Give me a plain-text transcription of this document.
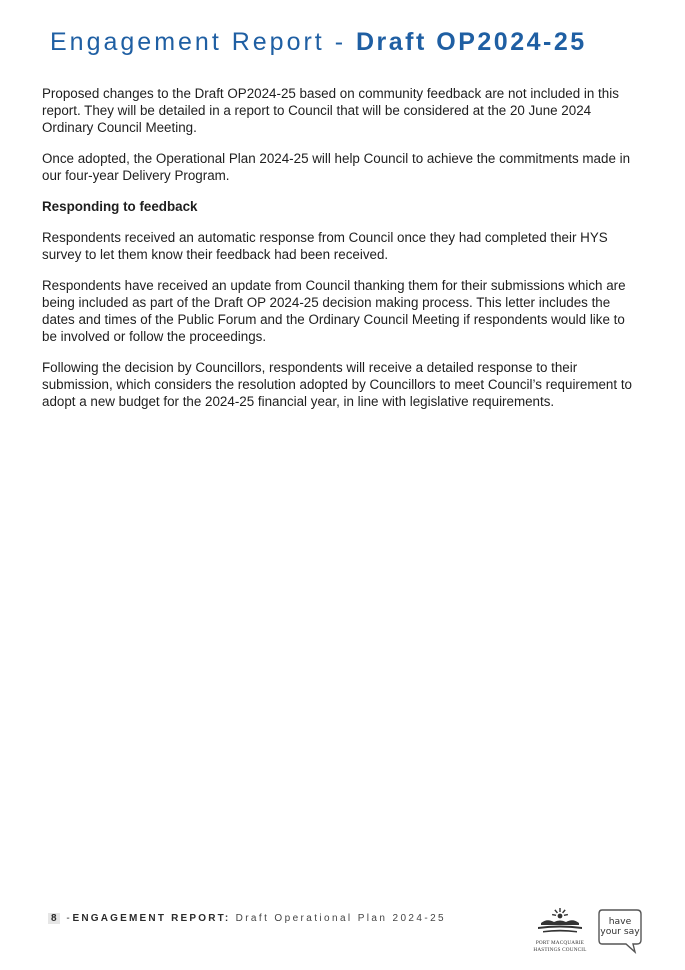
Engagement Report - Draft OP2024-25

Proposed changes to the Draft OP2024-25 based on community feedback are not included in this report. They will be detailed in a report to Council that will be considered at the 20 June 2024 Ordinary Council Meeting.

Once adopted, the Operational Plan 2024-25 will help Council to achieve the commitments made in our four-year Delivery Program.

Responding to feedback

Respondents received an automatic response from Council once they had completed their HYS survey to let them know their feedback had been received.

Respondents have received an update from Council thanking them for their submissions which are being included as part of the Draft OP 2024-25 decision making process. This letter includes the dates and times of the Public Forum and the Ordinary Council Meeting if respondents would like to be involved or follow the proceedings.

Following the decision by Councillors, respondents will receive a detailed response to their submission, which considers the resolution adopted by Councillors to meet Council’s requirement to adopt a new budget for the 2024-25 financial year, in line with legislative requirements.

8 - ENGAGEMENT REPORT: Draft Operational Plan 2024-25
PORT MACQUARIE
HASTINGS COUNCIL
have
your say
